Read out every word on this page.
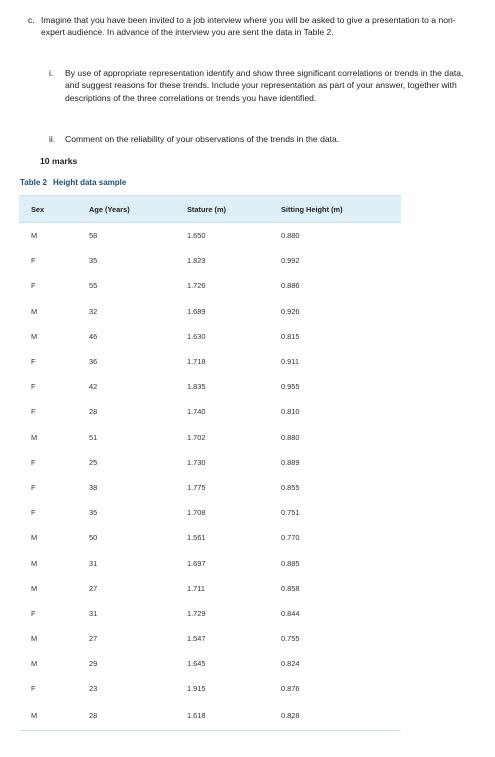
c. Imagine that you have been invited to a job interview where you will be asked to give a presentation to a non-expert audience. In advance of the interview you are sent the data in Table 2.
i.	By use of appropriate representation identify and show three significant correlations or trends in the data, and suggest reasons for these trends. Include your representation as part of your answer, together with descriptions of the three correlations or trends you have identified.
ii.	Comment on the reliability of your observations of the trends in the data.
10 marks
Table 2 Height data sample
Sex	Age (Years)	Stature (m)	Sitting Height (m)
M	58	1.650	0.880
F	35	1.823	0.992
F	55	1.726	0.886
M	32	1.689	0.926
M	46	1.630	0.815
F	36	1.718	0.911
F	42	1.835	0.955
F	28	1.740	0.810
M	51	1.702	0.880
F	25	1.730	0.889
F	38	1.775	0.855
F	35	1.708	0.751
M	50	1.561	0.770
M	31	1.697	0.885
M	27	1.711	0.858
F	31	1.729	0.844
M	27	1.547	0.755
M	29	1.645	0.824
F	23	1.915	0.876
M	28	1.618	0.828
